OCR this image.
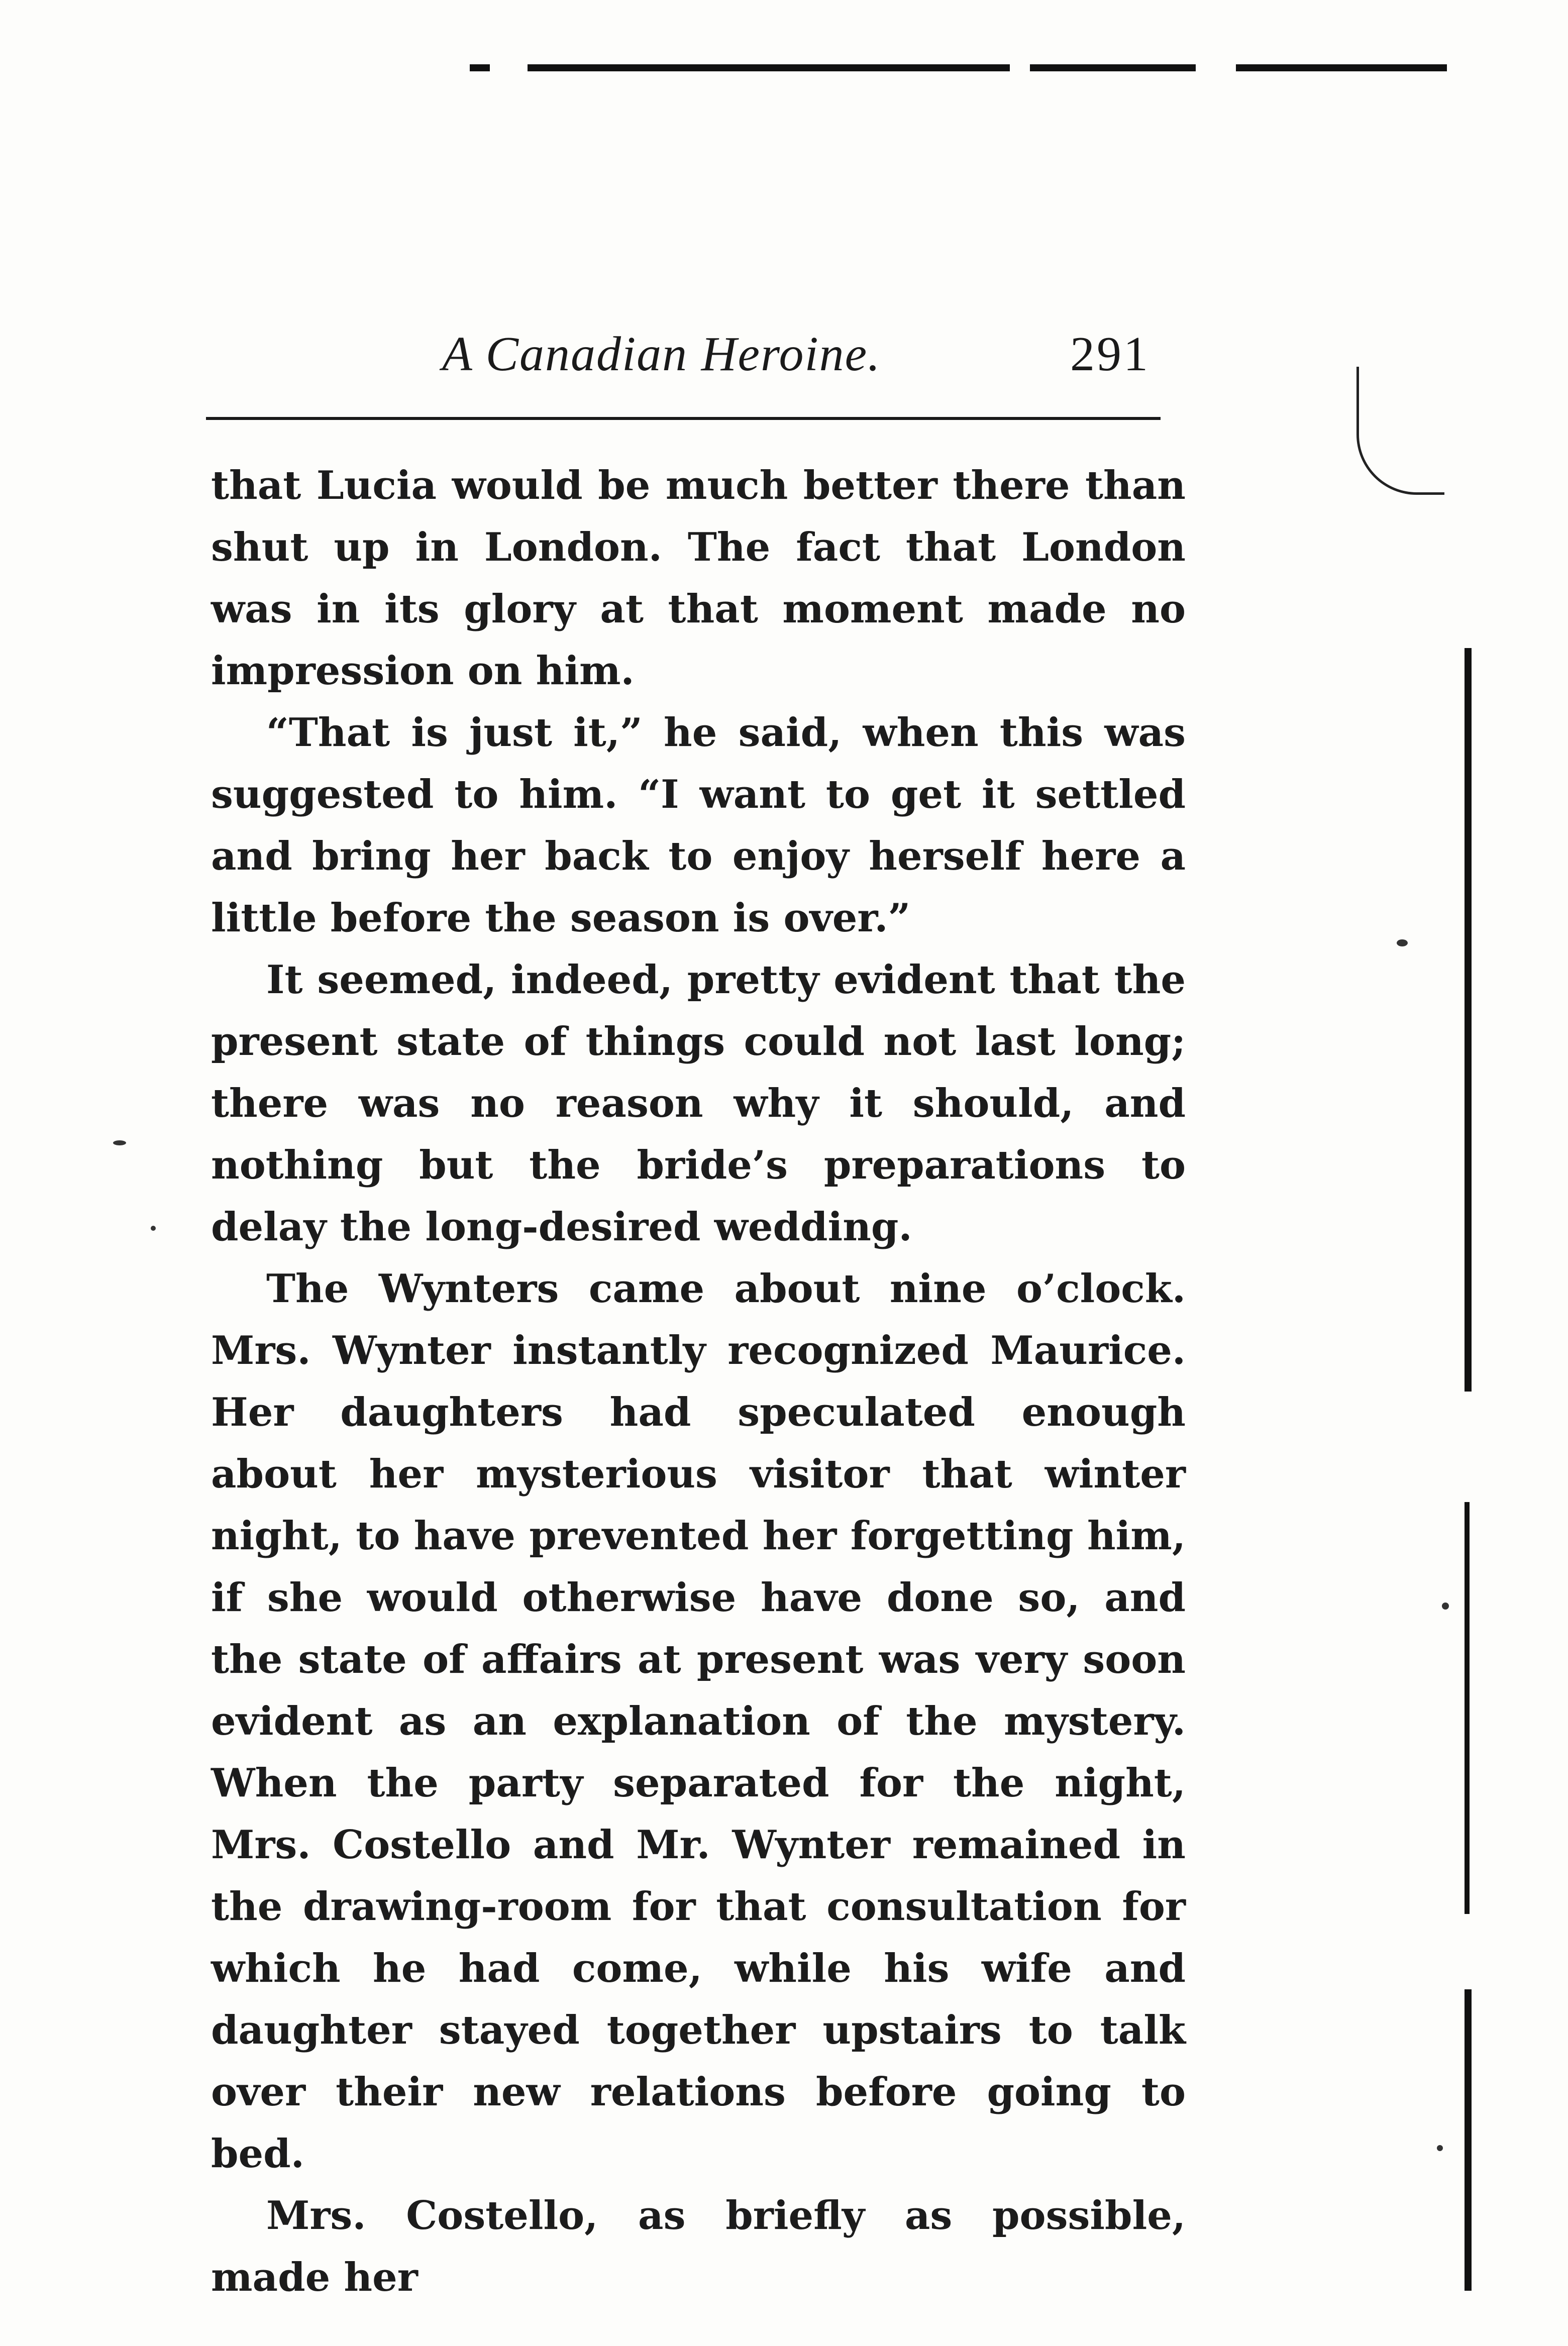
A Canadian Heroine.	291

that Lucia would be much better there than shut up in London. The fact that London was in its glory at that moment made no impression on him.

“That is just it,” he said, when this was suggested to him. “I want to get it settled and bring her back to enjoy herself here a little before the season is over.”

It seemed, indeed, pretty evident that the present state of things could not last long; there was no reason why it should, and nothing but the bride’s preparations to delay the long-desired wedding.

The Wynters came about nine o’clock. Mrs. Wynter instantly recognized Maurice. Her daughters had speculated enough about her mysterious visitor that winter night, to have prevented her forgetting him, if she would otherwise have done so, and the state of affairs at present was very soon evident as an explanation of the mystery. When the party separated for the night, Mrs. Costello and Mr. Wynter remained in the drawing-room for that consultation for which he had come, while his wife and daughter stayed together upstairs to talk over their new relations before going to bed.

Mrs. Costello, as briefly as possible, made her
